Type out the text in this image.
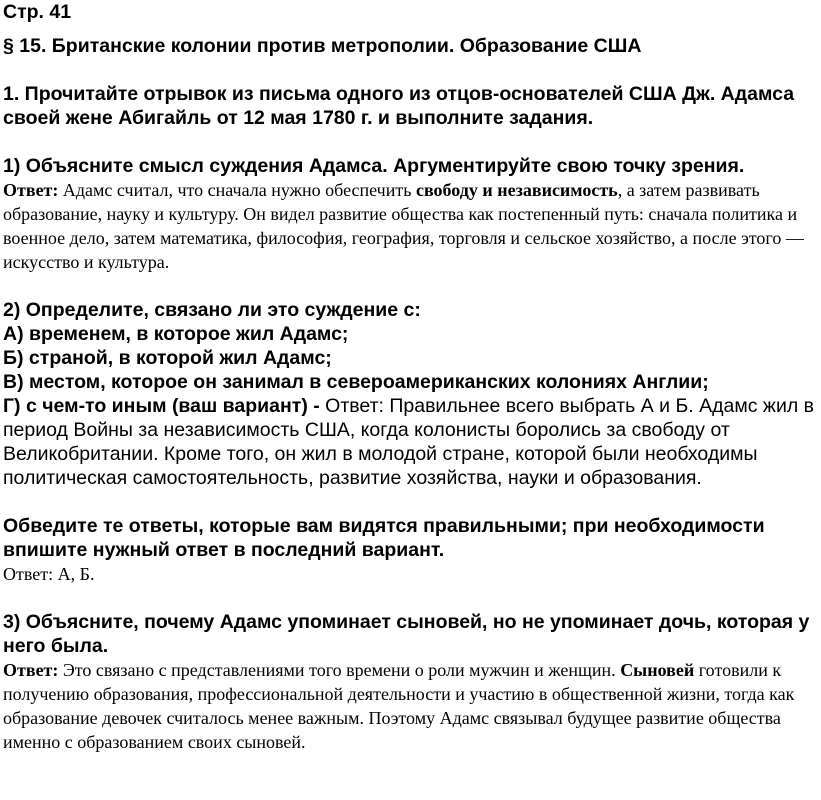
Стр. 41

§ 15. Британские колонии против метрополии. Образование США

1. Прочитайте отрывок из письма одного из отцов-основателей США Дж. Адамса своей жене Абигайль от 12 мая 1780 г. и выполните задания.

1) Объясните смысл суждения Адамса. Аргументируйте свою точку зрения.

Ответ: Адамс считал, что сначала нужно обеспечить свободу и независимость, а затем развивать образование, науку и культуру. Он видел развитие общества как постепенный путь: сначала политика и военное дело, затем математика, философия, география, торговля и сельское хозяйство, а после этого — искусство и культура.

2) Определите, связано ли это суждение с:

А) временем, в которое жил Адамс;

Б) страной, в которой жил Адамс;

В) местом, которое он занимал в североамериканских колониях Англии;

Г) с чем-то иным (ваш вариант) - Ответ: Правильнее всего выбрать А и Б. Адамс жил в период Войны за независимость США, когда колонисты боролись за свободу от Великобритании. Кроме того, он жил в молодой стране, которой были необходимы политическая самостоятельность, развитие хозяйства, науки и образования.

Обведите те ответы, которые вам видятся правильными; при необходимости впишите нужный ответ в последний вариант.

Ответ: А, Б.

3) Объясните, почему Адамс упоминает сыновей, но не упоминает дочь, которая у него была.

Ответ: Это связано с представлениями того времени о роли мужчин и женщин. Сыновей готовили к получению образования, профессиональной деятельности и участию в общественной жизни, тогда как образование девочек считалось менее важным. Поэтому Адамс связывал будущее развитие общества именно с образованием своих сыновей.
